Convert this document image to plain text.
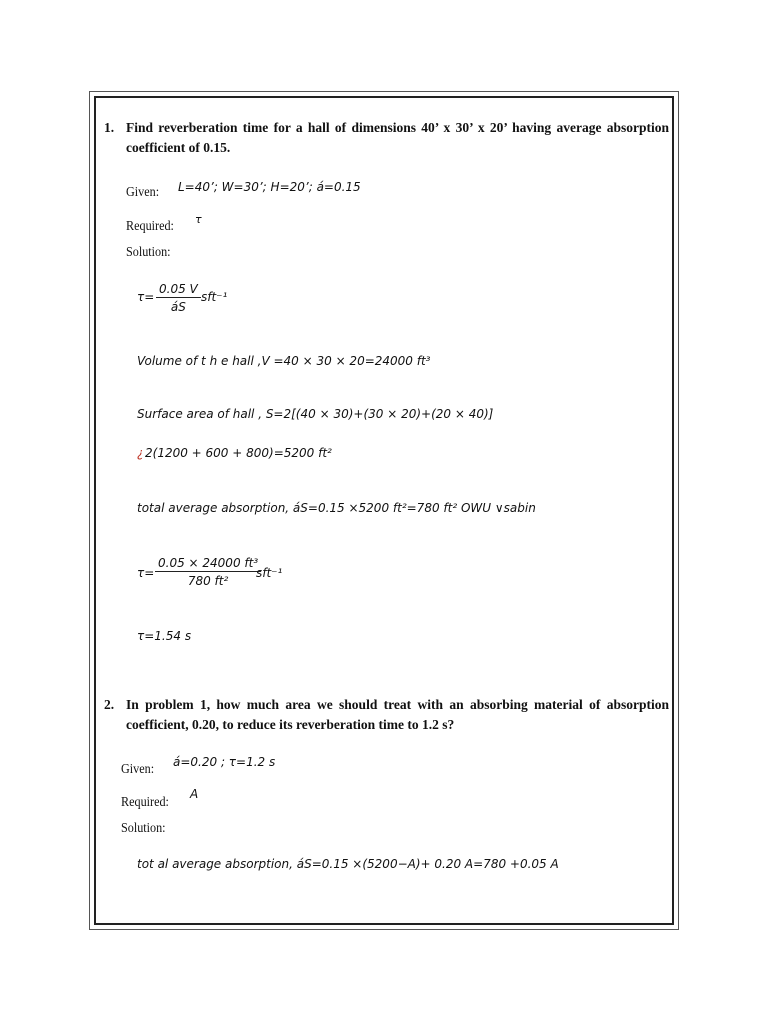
1. Find reverberation time for a hall of dimensions 40’ x 30’ x 20’ having average absorption coefficient of 0.15.
Given: L=40’; W=30’; H=20’; á=0.15
Required: τ
Solution:
$\tau= \frac{0.05 V}{áS} sft^{-1}$
Volume of t h e hall ,V =40 × 30 × 20=24000 ft³
Surface area of hall , S=2[(40 × 30)+(30 × 20)+(20 × 40)]
¿ 2(1200 + 600 + 800)=5200 ft²
total average absorption, áS=0.15 ×5200 ft²=780 ft² OWU ∨sabin
$\tau= \frac{\text{0.05 × 24000 ft³}}{\text{780 ft²}}$
sft⁻¹
τ=1.54 s
2. In problem 1, how much area we should treat with an absorbing material of absorption coefficient, 0.20, to reduce its reverberation time to 1.2 s?
Given: á=0.20 ; τ=1.2 s
Required: A
Solution:
tot al average absorption, áS=0.15 ×(5200−A)+ 0.20 A=780 +0.05 A
